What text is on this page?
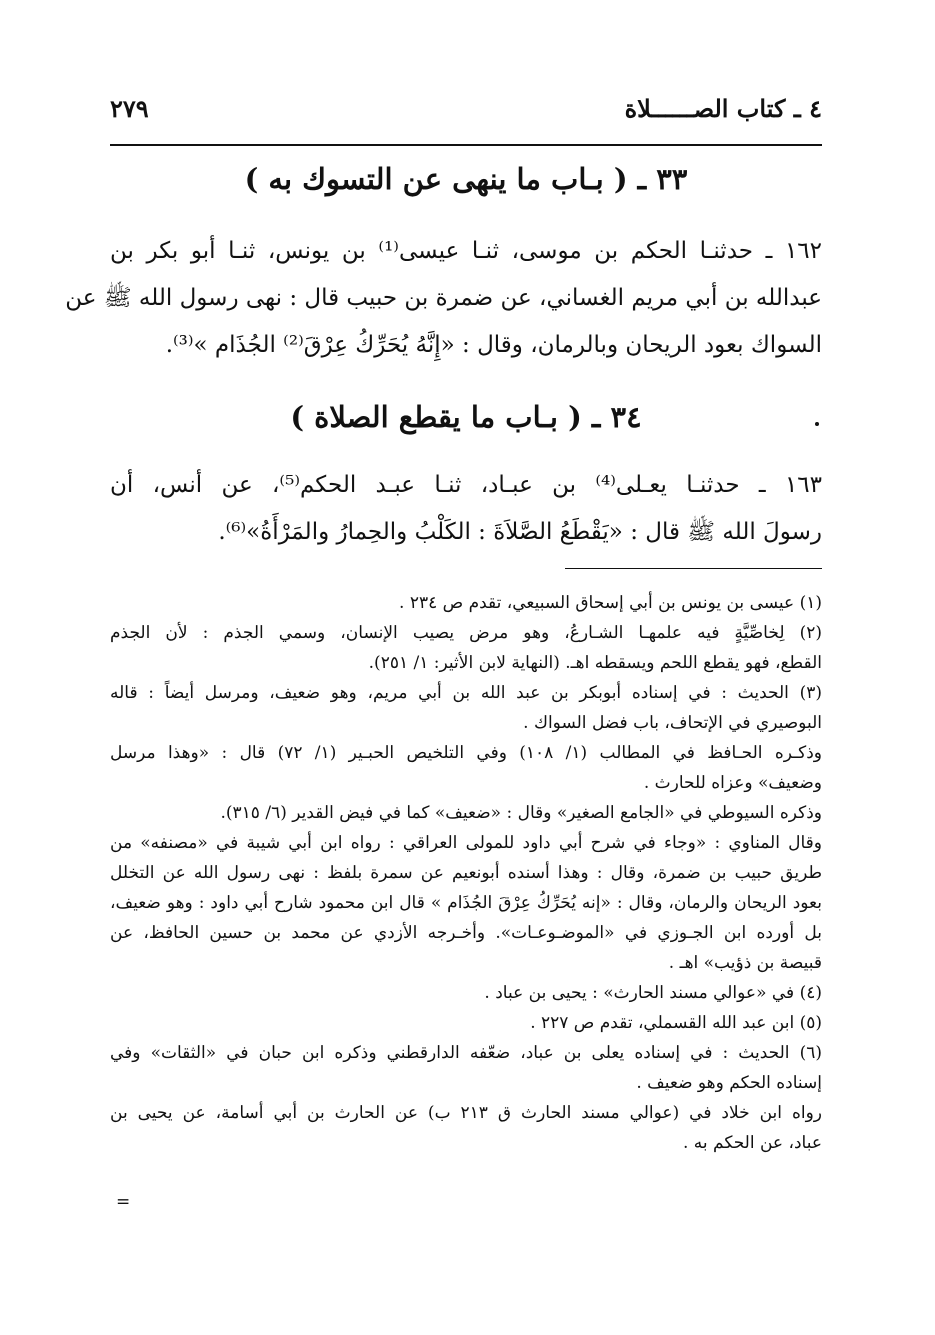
٤ ـ كتاب الصــــــلاة
٢٧٩
٣٣ ـ ( بـاب ما ينهى عن التسوك به )
١٦٢ ـ حدثنـا الحكم بن موسى، ثنـا عيسى⁽¹⁾ بن يونس، ثنـا أبو بكر بن
عبدالله بن أبي مريم الغساني، عن ضمرة بن حبيب قال : نهى رسول الله ﷺ عن
السواك بعود الريحان وبالرمان، وقال : «إِنَّهُ يُحَرِّكُ عِرْقَ⁽²⁾ الجُذَام »⁽³⁾.
٣٤ ـ ( بـاب ما يقطع الصلاة )
١٦٣ ـ حدثنـا يعـلى⁽⁴⁾ بن عبـاد، ثنـا عبـد الحكم⁽⁵⁾، عن أنس، أن
رسولَ الله ﷺ قال : «يَقْطَعُ الصَّلاَةَ : الكَلْبُ والحِمارُ والمَرْأَةُ»⁽⁶⁾.
(١) عيسى بن يونس بن أبي إسحاق السبيعي، تقدم ص ٢٣٤ .
(٢) لِخاصِّيَّةٍ فيه علمهـا الشـارعُ، وهو مرض يصيب الإنسان، وسمي الجذم : لأن الجذم
القطع، فهو يقطع اللحم ويسقطه اهـ. (النهاية لابن الأثير: ١/ ٢٥١).
(٣) الحديث : في إسناده أبوبكر بن عبد الله بن أبي مريم، وهو ضعيف، ومرسل أيضاً : قاله
البوصيري في الإتحاف، باب فضل السواك .
وذكـره الحـافظ في المطالب (١/ ١٠٨) وفي التلخيص الحبـير (١/ ٧٢) قال : «وهذا مرسل
وضعيف» وعزاه للحارث .
وذكره السيوطي في «الجامع الصغير» وقال : «ضعيف» كما في فيض القدير (٦/ ٣١٥).
وقال المناوي : «وجاء في شرح أبي داود للمولى العراقي : رواه ابن أبي شيبة في «مصنفه» من
طريق حبيب بن ضمرة، وقال : وهذا أسنده أبونعيم عن سمرة بلفظ : نهى رسول الله عن التخلل
بعود الريحان والرمان، وقال : «إنه يُحَرِّكُ عِرْقَ الجُذَام » قال ابن محمود شارح أبي داود : وهو ضعيف،
بل أورده ابن الجـوزي في «الموضـوعـات». وأخـرجه الأزدي عن محمد بن حسين الحافظ، عن
قبيصة بن ذؤيب» اهـ .
(٤) في «عوالي مسند الحارث» : يحيى بن عباد .
(٥) ابن عبد الله القسملي، تقدم ص ٢٢٧ .
(٦) الحديث : في إسناده يعلى بن عباد، ضعّفه الدارقطني وذكره ابن حبان في «الثقات» وفي
إسناده الحكم وهو ضعيف .
رواه ابن خلاد في (عوالي مسند الحارث ق ٢١٣ ب) عن الحارث بن أبي أسامة، عن يحيى بن
عباد، عن الحكم به .
=
